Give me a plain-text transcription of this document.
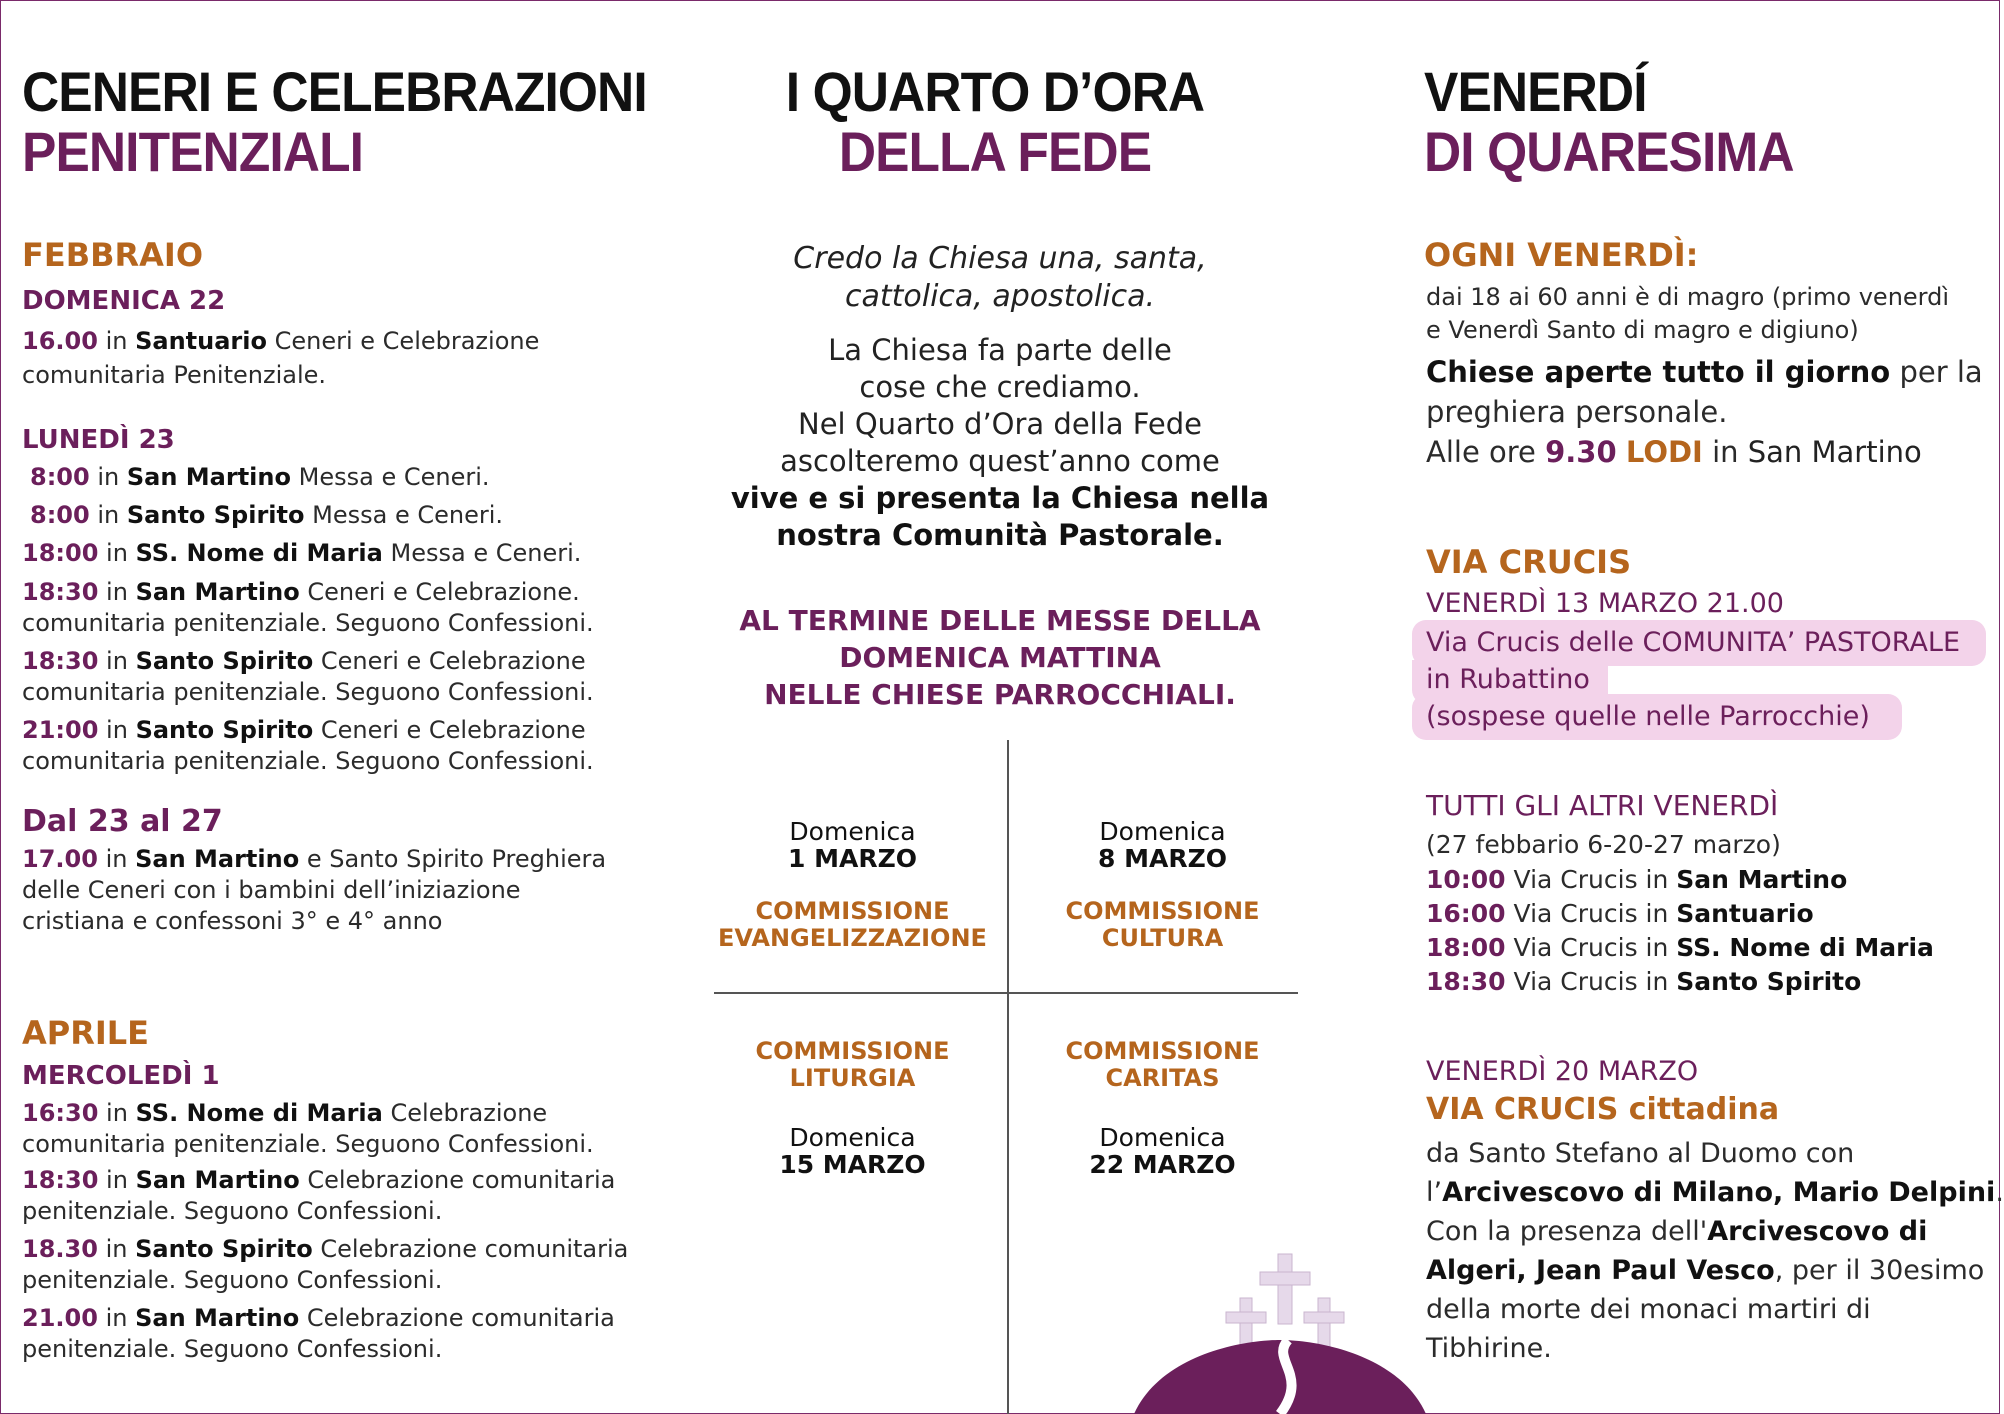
CENERI E CELEBRAZIONI
PENITENZIALI
FEBBRAIO
DOMENICA 22
16.00 in Santuario Ceneri e Celebrazione
comunitaria Penitenziale.
LUNEDÌ 23
8:00 in San Martino Messa e Ceneri.
8:00 in Santo Spirito Messa e Ceneri.
18:00 in SS. Nome di Maria Messa e Ceneri.
18:30 in San Martino Ceneri e Celebrazione.
comunitaria penitenziale. Seguono Confessioni.
18:30 in Santo Spirito Ceneri e Celebrazione
comunitaria penitenziale. Seguono Confessioni.
21:00 in Santo Spirito Ceneri e Celebrazione
comunitaria penitenziale. Seguono Confessioni.
Dal 23 al 27
17.00 in San Martino e Santo Spirito Preghiera
delle Ceneri con i bambini dell’iniziazione
cristiana e confessoni 3° e 4° anno
APRILE
MERCOLEDÌ 1
16:30 in SS. Nome di Maria Celebrazione
comunitaria penitenziale. Seguono Confessioni.
18:30 in San Martino Celebrazione comunitaria
penitenziale. Seguono Confessioni.
18.30 in Santo Spirito Celebrazione comunitaria
penitenziale. Seguono Confessioni.
21.00 in San Martino Celebrazione comunitaria
penitenziale. Seguono Confessioni.
I QUARTO D’ORA
DELLA FEDE
Credo la Chiesa una, santa,
cattolica, apostolica.
La Chiesa fa parte delle
cose che crediamo.
Nel Quarto d’Ora della Fede
ascolteremo quest’anno come
vive e si presenta la Chiesa nella
nostra Comunità Pastorale.
AL TERMINE DELLE MESSE DELLA
DOMENICA MATTINA
NELLE CHIESE PARROCCHIALI.
Domenica
1 MARZO
COMMISSIONE
EVANGELIZZAZIONE
Domenica
8 MARZO
COMMISSIONE
CULTURA
COMMISSIONE
LITURGIA
Domenica
15 MARZO
COMMISSIONE
CARITAS
Domenica
22 MARZO
VENERDÍ
DI QUARESIMA
OGNI VENERDÌ:
dai 18 ai 60 anni è di magro (primo venerdì
e Venerdì Santo di magro e digiuno)
Chiese aperte tutto il giorno per la
preghiera personale.
Alle ore 9.30 LODI in San Martino
VIA CRUCIS
VENERDÌ 13 MARZO 21.00
Via Crucis delle COMUNITA’ PASTORALE
in Rubattino
(sospese quelle nelle Parrocchie)
TUTTI GLI ALTRI VENERDÌ
(27 febbario 6-20-27 marzo)
10:00 Via Crucis in San Martino
16:00 Via Crucis in Santuario
18:00 Via Crucis in SS. Nome di Maria
18:30 Via Crucis in Santo Spirito
VENERDÌ 20 MARZO
VIA CRUCIS cittadina
da Santo Stefano al Duomo con
l’Arcivescovo di Milano, Mario Delpini.
Con la presenza dell'Arcivescovo di
Algeri, Jean Paul Vesco, per il 30esimo
della morte dei monaci martiri di
Tibhirine.
